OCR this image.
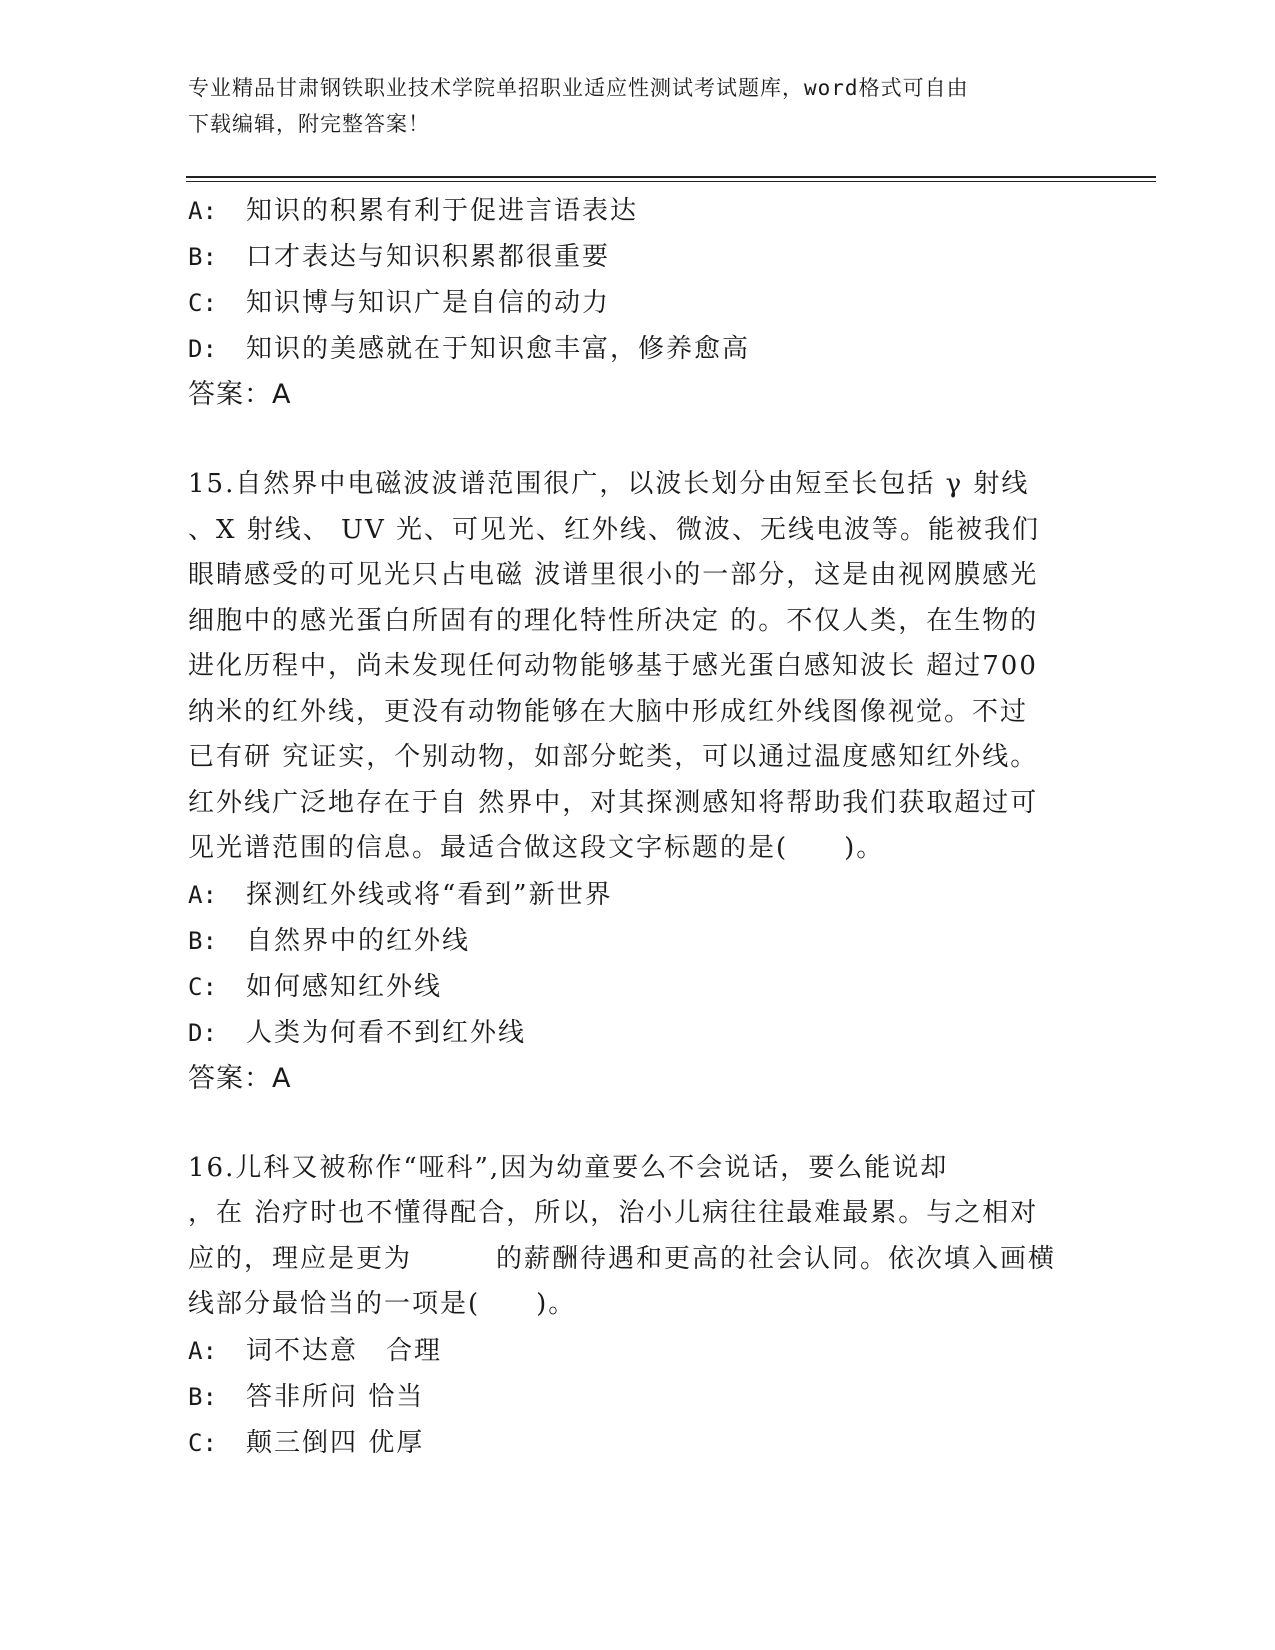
专业精品甘肃钢铁职业技术学院单招职业适应性测试考试题库，word格式可自由
下载编辑，附完整答案！
A:	知识的积累有利于促进言语表达
B:	口才表达与知识积累都很重要
C:	知识博与知识广是自信的动力
D:	知识的美感就在于知识愈丰富，修养愈高
答案：A
15.自然界中电磁波波谱范围很广，以波长划分由短至长包括 γ 射线
、X 射线、 UV 光、可见光、红外线、微波、无线电波等。能被我们
眼睛感受的可见光只占电磁 波谱里很小的一部分，这是由视网膜感光
细胞中的感光蛋白所固有的理化特性所决定 的。不仅人类，在生物的
进化历程中，尚未发现任何动物能够基于感光蛋白感知波长 超过700
纳米的红外线，更没有动物能够在大脑中形成红外线图像视觉。不过
已有研 究证实，个别动物，如部分蛇类，可以通过温度感知红外线。
红外线广泛地存在于自 然界中，对其探测感知将帮助我们获取超过可
见光谱范围的信息。最适合做这段文字标题的是(　　)。
A:	探测红外线或将“看到”新世界
B:	自然界中的红外线
C:	如何感知红外线
D:	人类为何看不到红外线
答案：A
16.儿科又被称作“哑科”,因为幼童要么不会说话，要么能说却
，在 治疗时也不懂得配合，所以，治小儿病往往最难最累。与之相对
应的，理应是更为　　　的薪酬待遇和更高的社会认同。依次填入画横
线部分最恰当的一项是(　　)。
A:	词不达意　合理
B:	答非所问 恰当
C:	颠三倒四 优厚
